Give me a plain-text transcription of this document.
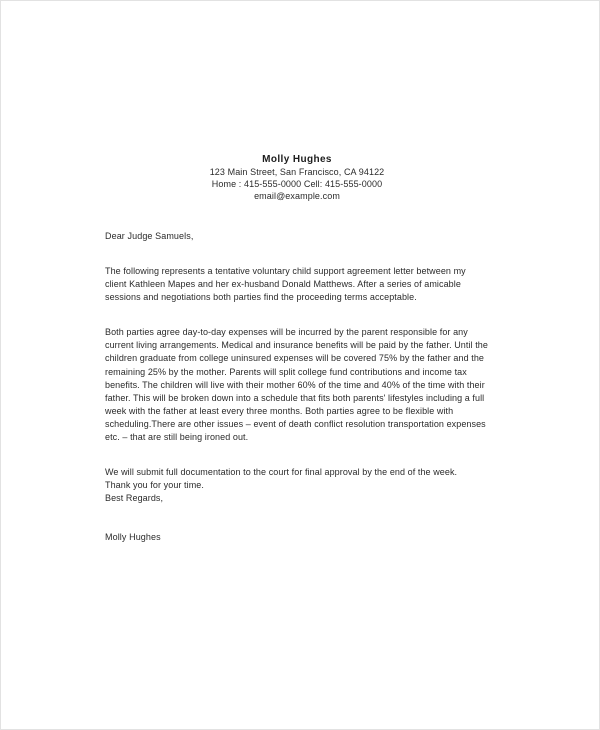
Molly Hughes
123 Main Street, San Francisco, CA 94122
Home : 415-555-0000 Cell: 415-555-0000
email@example.com
Dear Judge Samuels,

The following represents a tentative voluntary child support agreement letter between my client Kathleen Mapes and her ex-husband Donald Matthews. After a series of amicable sessions and negotiations both parties find the proceeding terms acceptable.

Both parties agree day-to-day expenses will be incurred by the parent responsible for any current living arrangements. Medical and insurance benefits will be paid by the father. Until the children graduate from college uninsured expenses will be covered 75% by the father and the remaining 25% by the mother. Parents will split college fund contributions and income tax benefits. The children will live with their mother 60% of the time and 40% of the time with their father. This will be broken down into a schedule that fits both parents' lifestyles including a full week with the father at least every three months. Both parties agree to be flexible with scheduling.There are other issues – event of death conflict resolution transportation expenses etc. – that are still being ironed out.

We will submit full documentation to the court for final approval by the end of the week.
Thank you for your time.
Best Regards,
Molly Hughes
